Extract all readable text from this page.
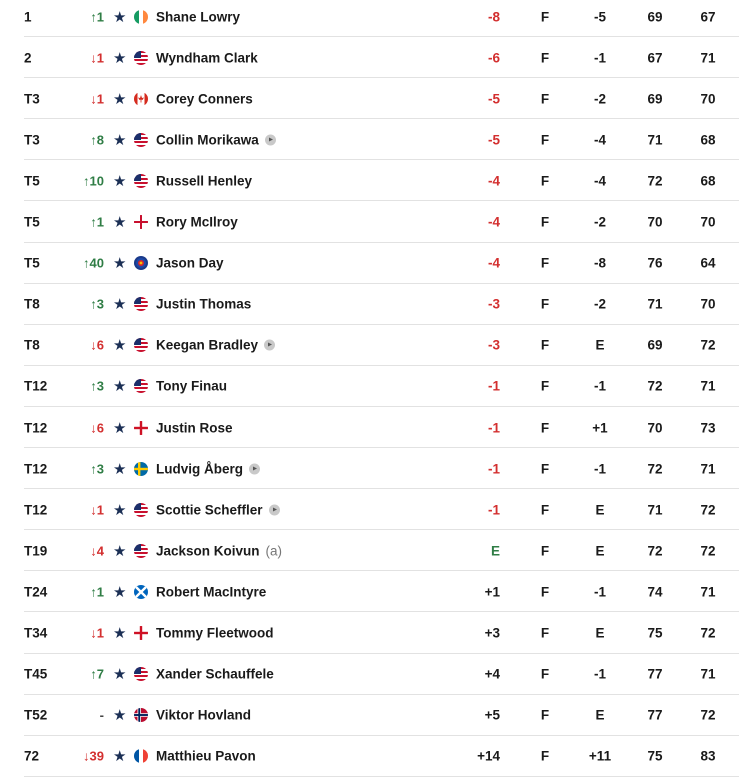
1	↑1 ★ Shane Lowry	-8	F	-5	69	67
2	↓1 ★ Wyndham Clark	-6	F	-1	67	71
T3	↓1 ★ Corey Conners	-5	F	-2	69	70
T3	↑8 ★ Collin Morikawa	-5	F	-4	71	68
T5	↑10 ★ Russell Henley	-4	F	-4	72	68
T5	↑1 ★ Rory McIlroy	-4	F	-2	70	70
T5	↑40 ★ Jason Day	-4	F	-8	76	64
T8	↑3 ★ Justin Thomas	-3	F	-2	71	70
T8	↓6 ★ Keegan Bradley	-3	F	E	69	72
T12	↑3 ★ Tony Finau	-1	F	-1	72	71
T12	↓6 ★ Justin Rose	-1	F	+1	70	73
T12	↑3 ★ Ludvig Åberg	-1	F	-1	72	71
T12	↓1 ★ Scottie Scheffler	-1	F	E	71	72
T19	↓4 ★ Jackson Koivun (a)	E	F	E	72	72
T24	↑1 ★ Robert MacIntyre	+1	F	-1	74	71
T34	↓1 ★ Tommy Fleetwood	+3	F	E	75	72
T45	↑7 ★ Xander Schauffele	+4	F	-1	77	71
T52	- ★ Viktor Hovland	+5	F	E	77	72
72	↓39 ★ Matthieu Pavon	+14	F	+11	75	83
